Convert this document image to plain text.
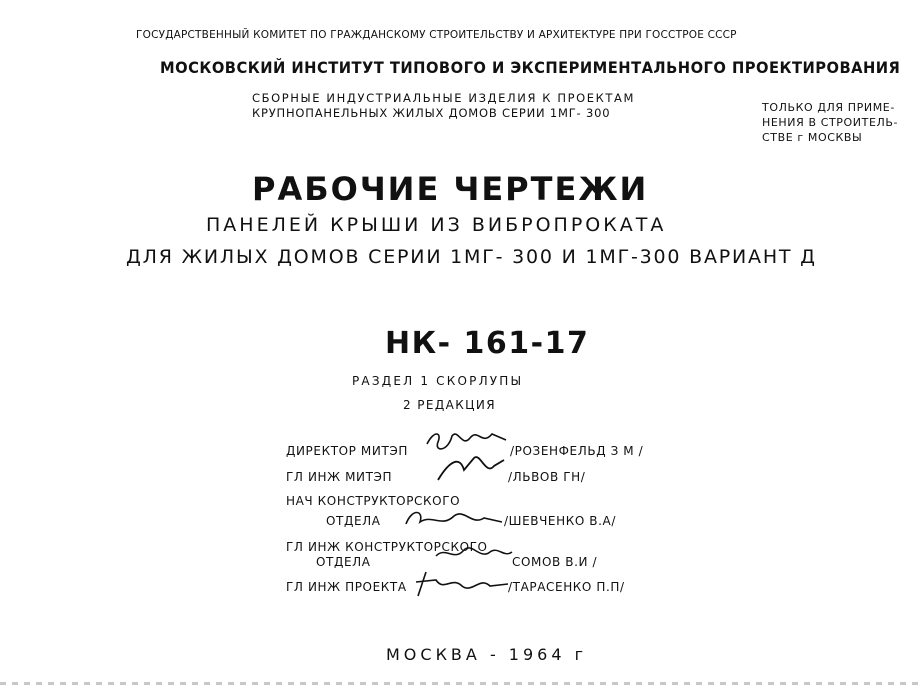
ГОСУДАРСТВЕННЫЙ КОМИТЕТ ПО ГРАЖДАНСКОМУ СТРОИТЕЛЬСТВУ И АРХИТЕКТУРЕ ПРИ ГОССТРОЕ СССР
МОСКОВСКИЙ ИНСТИТУТ ТИПОВОГО И ЭКСПЕРИМЕНТАЛЬНОГО ПРОЕКТИРОВАНИЯ
СБОРНЫЕ ИНДУСТРИАЛЬНЫЕ ИЗДЕЛИЯ К ПРОЕКТАМ
КРУПНОПАНЕЛЬНЫХ ЖИЛЫХ ДОМОВ СЕРИИ 1МГ- 300	ТОЛЬКО ДЛЯ ПРИМЕ-
НЕНИЯ В СТРОИТЕЛЬ-
СТВЕ г МОСКВЫ
РАБОЧИЕ ЧЕРТЕЖИ
ПАНЕЛЕЙ КРЫШИ ИЗ ВИБРОПРОКАТА
ДЛЯ ЖИЛЫХ ДОМОВ СЕРИИ 1МГ- 300 И 1МГ-300 ВАРИАНТ Д
НК- 161-17
РАЗДЕЛ 1 СКОРЛУПЫ
2 РЕДАКЦИЯ
ДИРЕКТОР МИТЭП	/РОЗЕНФЕЛЬД З М /
ГЛ ИНЖ МИТЭП	/ЛЬВОВ ГН/
НАЧ КОНСТРУКТОРСКОГО
ОТДЕЛА	/ШЕВЧЕНКО В.А/
ГЛ ИНЖ КОНСТРУКТОРСКОГО
ОТДЕЛА	СОМОВ В.И /
ГЛ ИНЖ ПРОЕКТА	/ТАРАСЕНКО П.П/
МОСКВА - 1964 г
